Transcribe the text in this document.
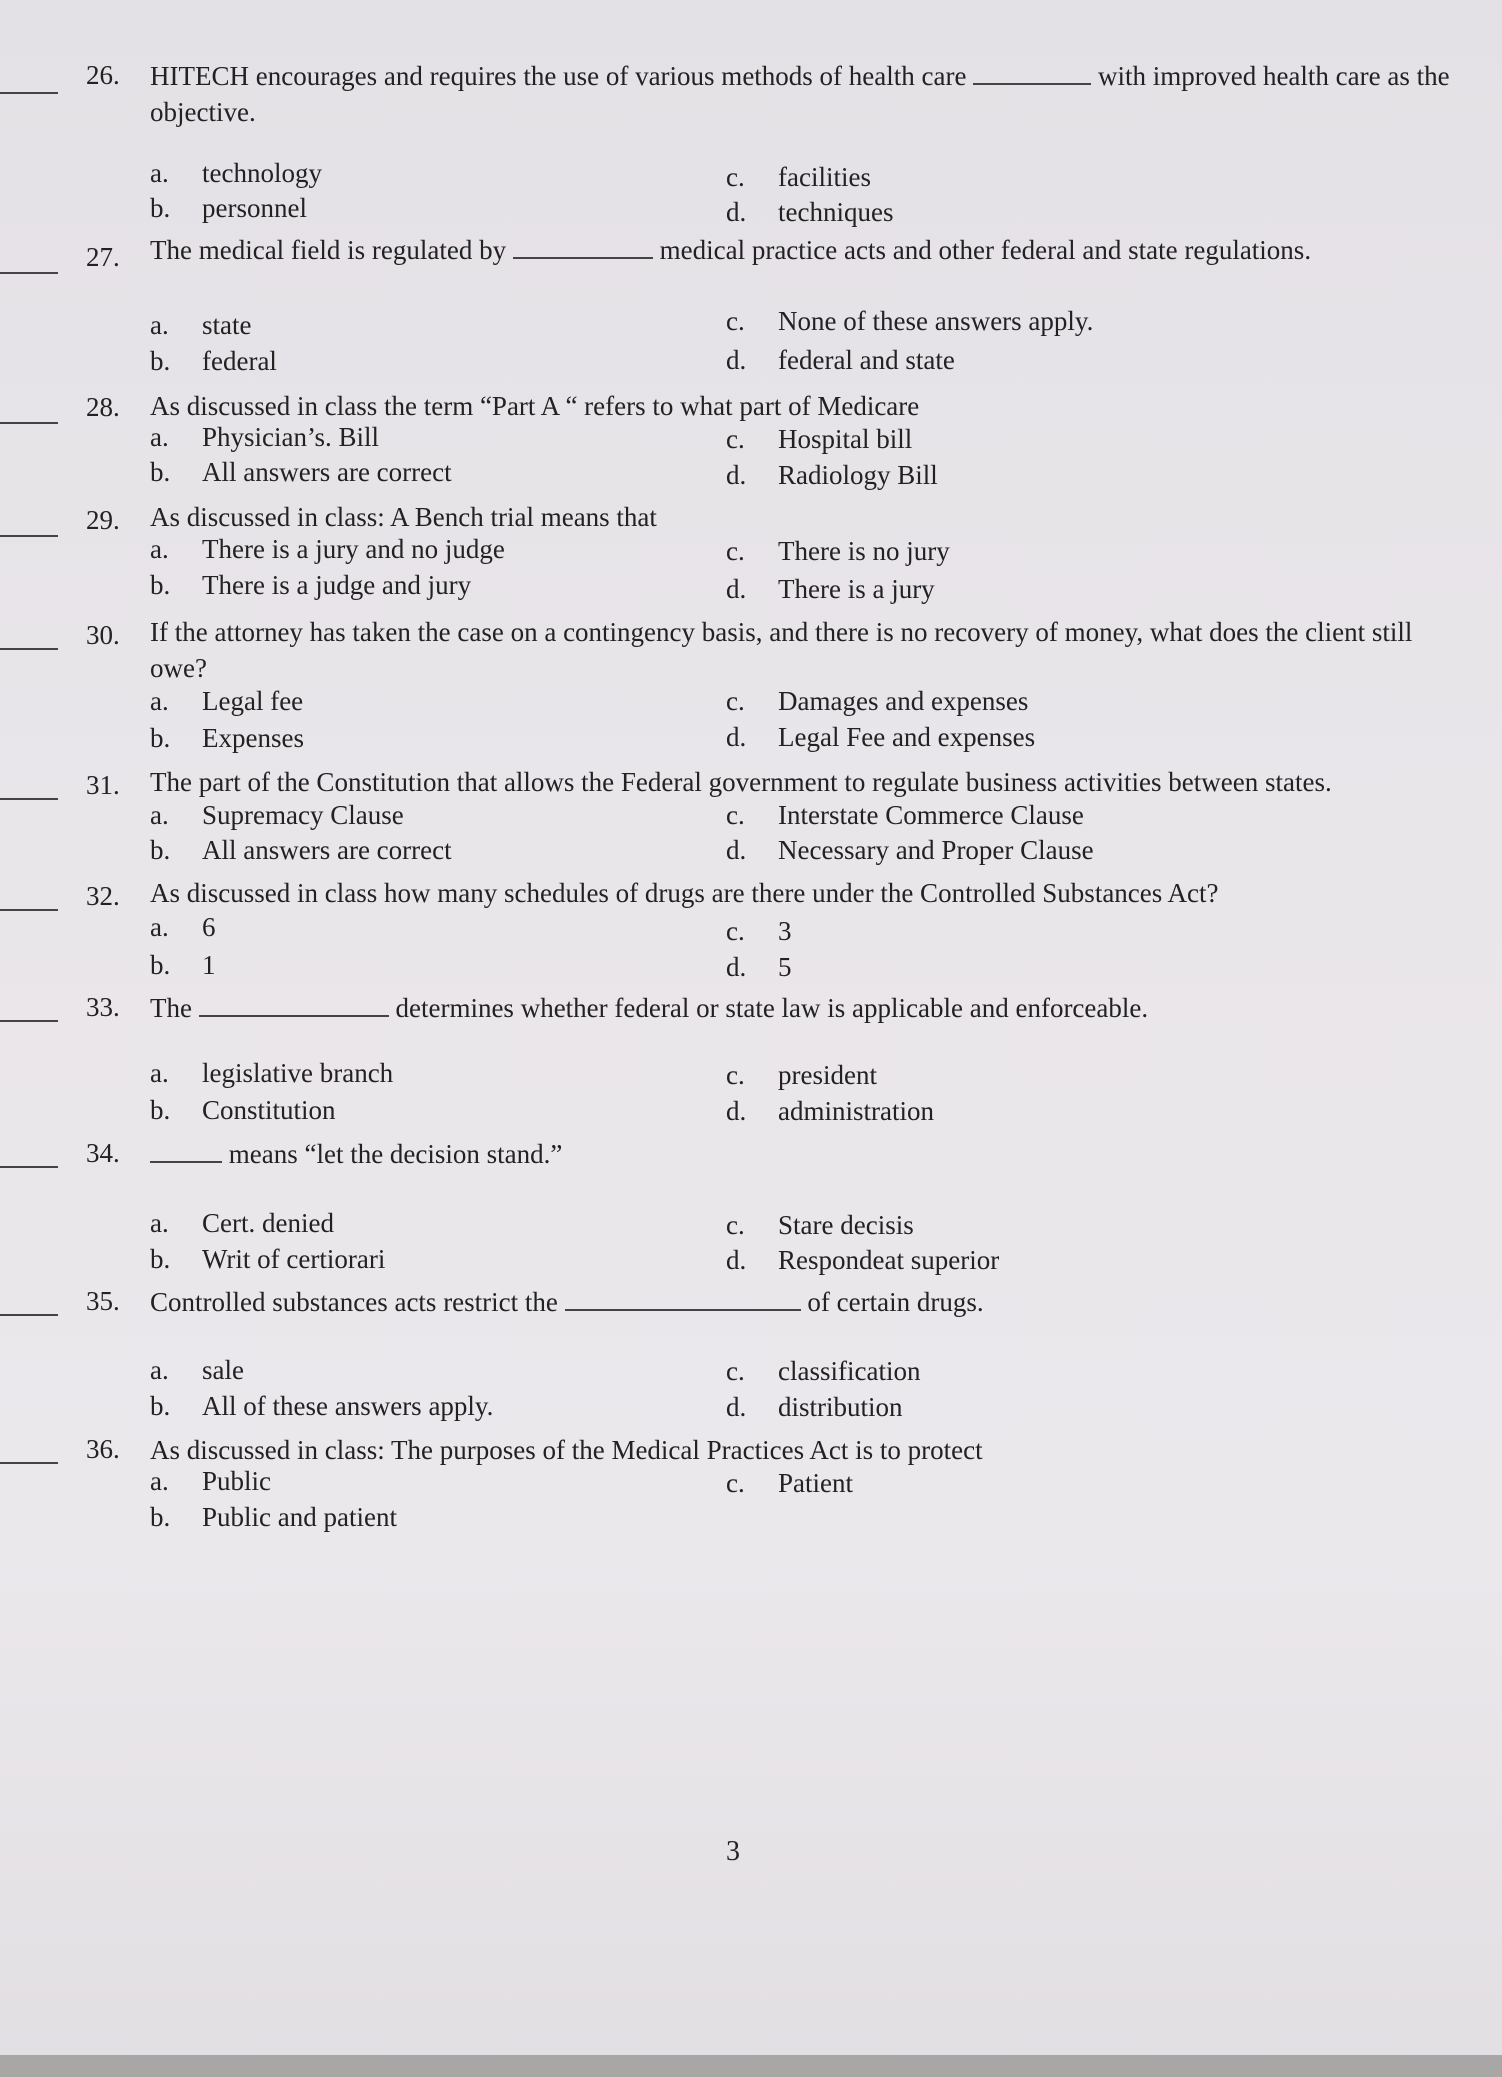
26. HITECH encourages and requires the use of various methods of health care	with improved health care as the objective.
a. technology
b. personnel
c. facilities
d. techniques
27. The medical field is regulated by	medical practice acts and other federal and state regulations.
a. state
b. federal
c. None of these answers apply.
d. federal and state
28. As discussed in class the term “Part A “ refers to what part of Medicare
a. Physician’s. Bill
b. All answers are correct
c. Hospital bill
d. Radiology Bill
29. As discussed in class: A Bench trial means that
a. There is a jury and no judge
b. There is a judge and jury
c. There is no jury
d. There is a jury
30. If the attorney has taken the case on a contingency basis, and there is no recovery of money, what does the client still owe?
a. Legal fee
b. Expenses
c. Damages and expenses
d. Legal Fee and expenses
31. The part of the Constitution that allows the Federal government to regulate business activities between states.
a. Supremacy Clause
b. All answers are correct
c. Interstate Commerce Clause
d. Necessary and Proper Clause
32. As discussed in class how many schedules of drugs are there under the Controlled Substances Act?
a. 6
b. 1
c. 3
d. 5
33. The	determines whether federal or state law is applicable and enforceable.
a. legislative branch
b. Constitution
c. president
d. administration
34.	means “let the decision stand.”
a. Cert. denied
b. Writ of certiorari
c. Stare decisis
d. Respondeat superior
35. Controlled substances acts restrict the	of certain drugs.
a. sale
b. All of these answers apply.
c. classification
d. distribution
36. As discussed in class: The purposes of the Medical Practices Act is to protect
a. Public
b. Public and patient
c. Patient
3
